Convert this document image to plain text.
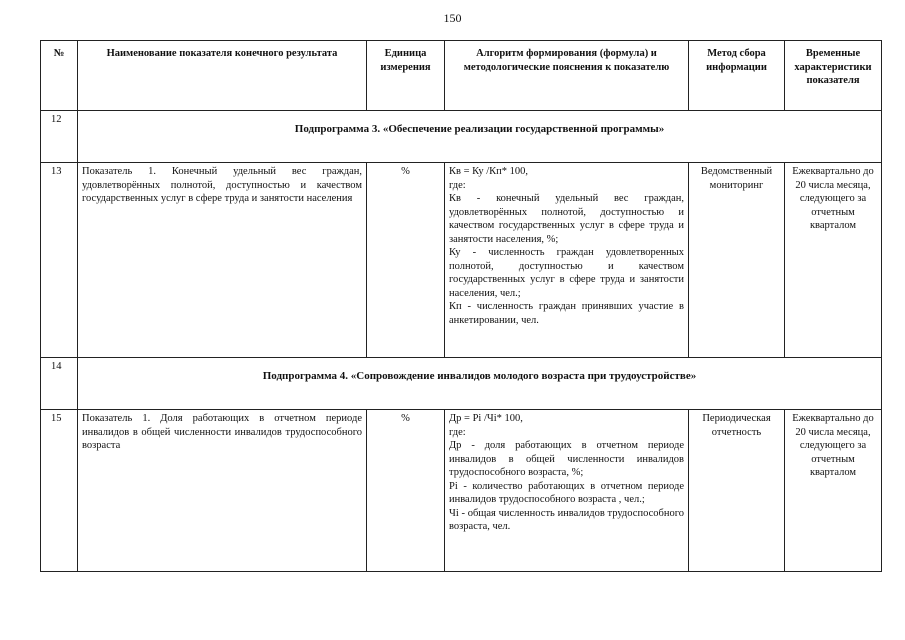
150
№	Наименование показателя конечного результата	Единица измерения	Алгоритм формирования (формула) и методологические пояснения к показателю	Метод сбора информации	Временные характеристики показателя
12	Подпрограмма 3. «Обеспечение реализации государственной программы»				
13	Показатель 1. Конечный удельный вес граждан, удовлетворённых полнотой, доступностью и качеством государственных услуг в сфере труда и занятости населения	%	Кв = Ку /Кп* 100,
где:
Кв - конечный удельный вес граждан, удовлетворённых полнотой, доступностью и качеством государственных услуг в сфере труда и занятости населения, %;
Ку - численность граждан удовлетворенных полнотой, доступностью и качеством государственных услуг в сфере труда и занятости населения, чел.;
Кп - численность граждан принявших участие в анкетировании, чел.	Ведомственный мониторинг	Ежеквартально до 20 числа месяца, следующего за отчетным кварталом
14	Подпрограмма 4. «Сопровождение инвалидов молодого возраста при трудоустройстве»				
15	Показатель 1. Доля работающих в отчетном периоде инвалидов в общей численности инвалидов трудоспособного возраста	%	Др = Pi /Чi* 100,
где:
Др - доля работающих в отчетном периоде инвалидов в общей численности инвалидов трудоспособного возраста, %;
Pi - количество работающих в отчетном периоде инвалидов трудоспособного возраста , чел.;
Чi - общая численность инвалидов трудоспособного возраста, чел.	Периодическая отчетность	Ежеквартально до 20 числа месяца, следующего за отчетным кварталом
